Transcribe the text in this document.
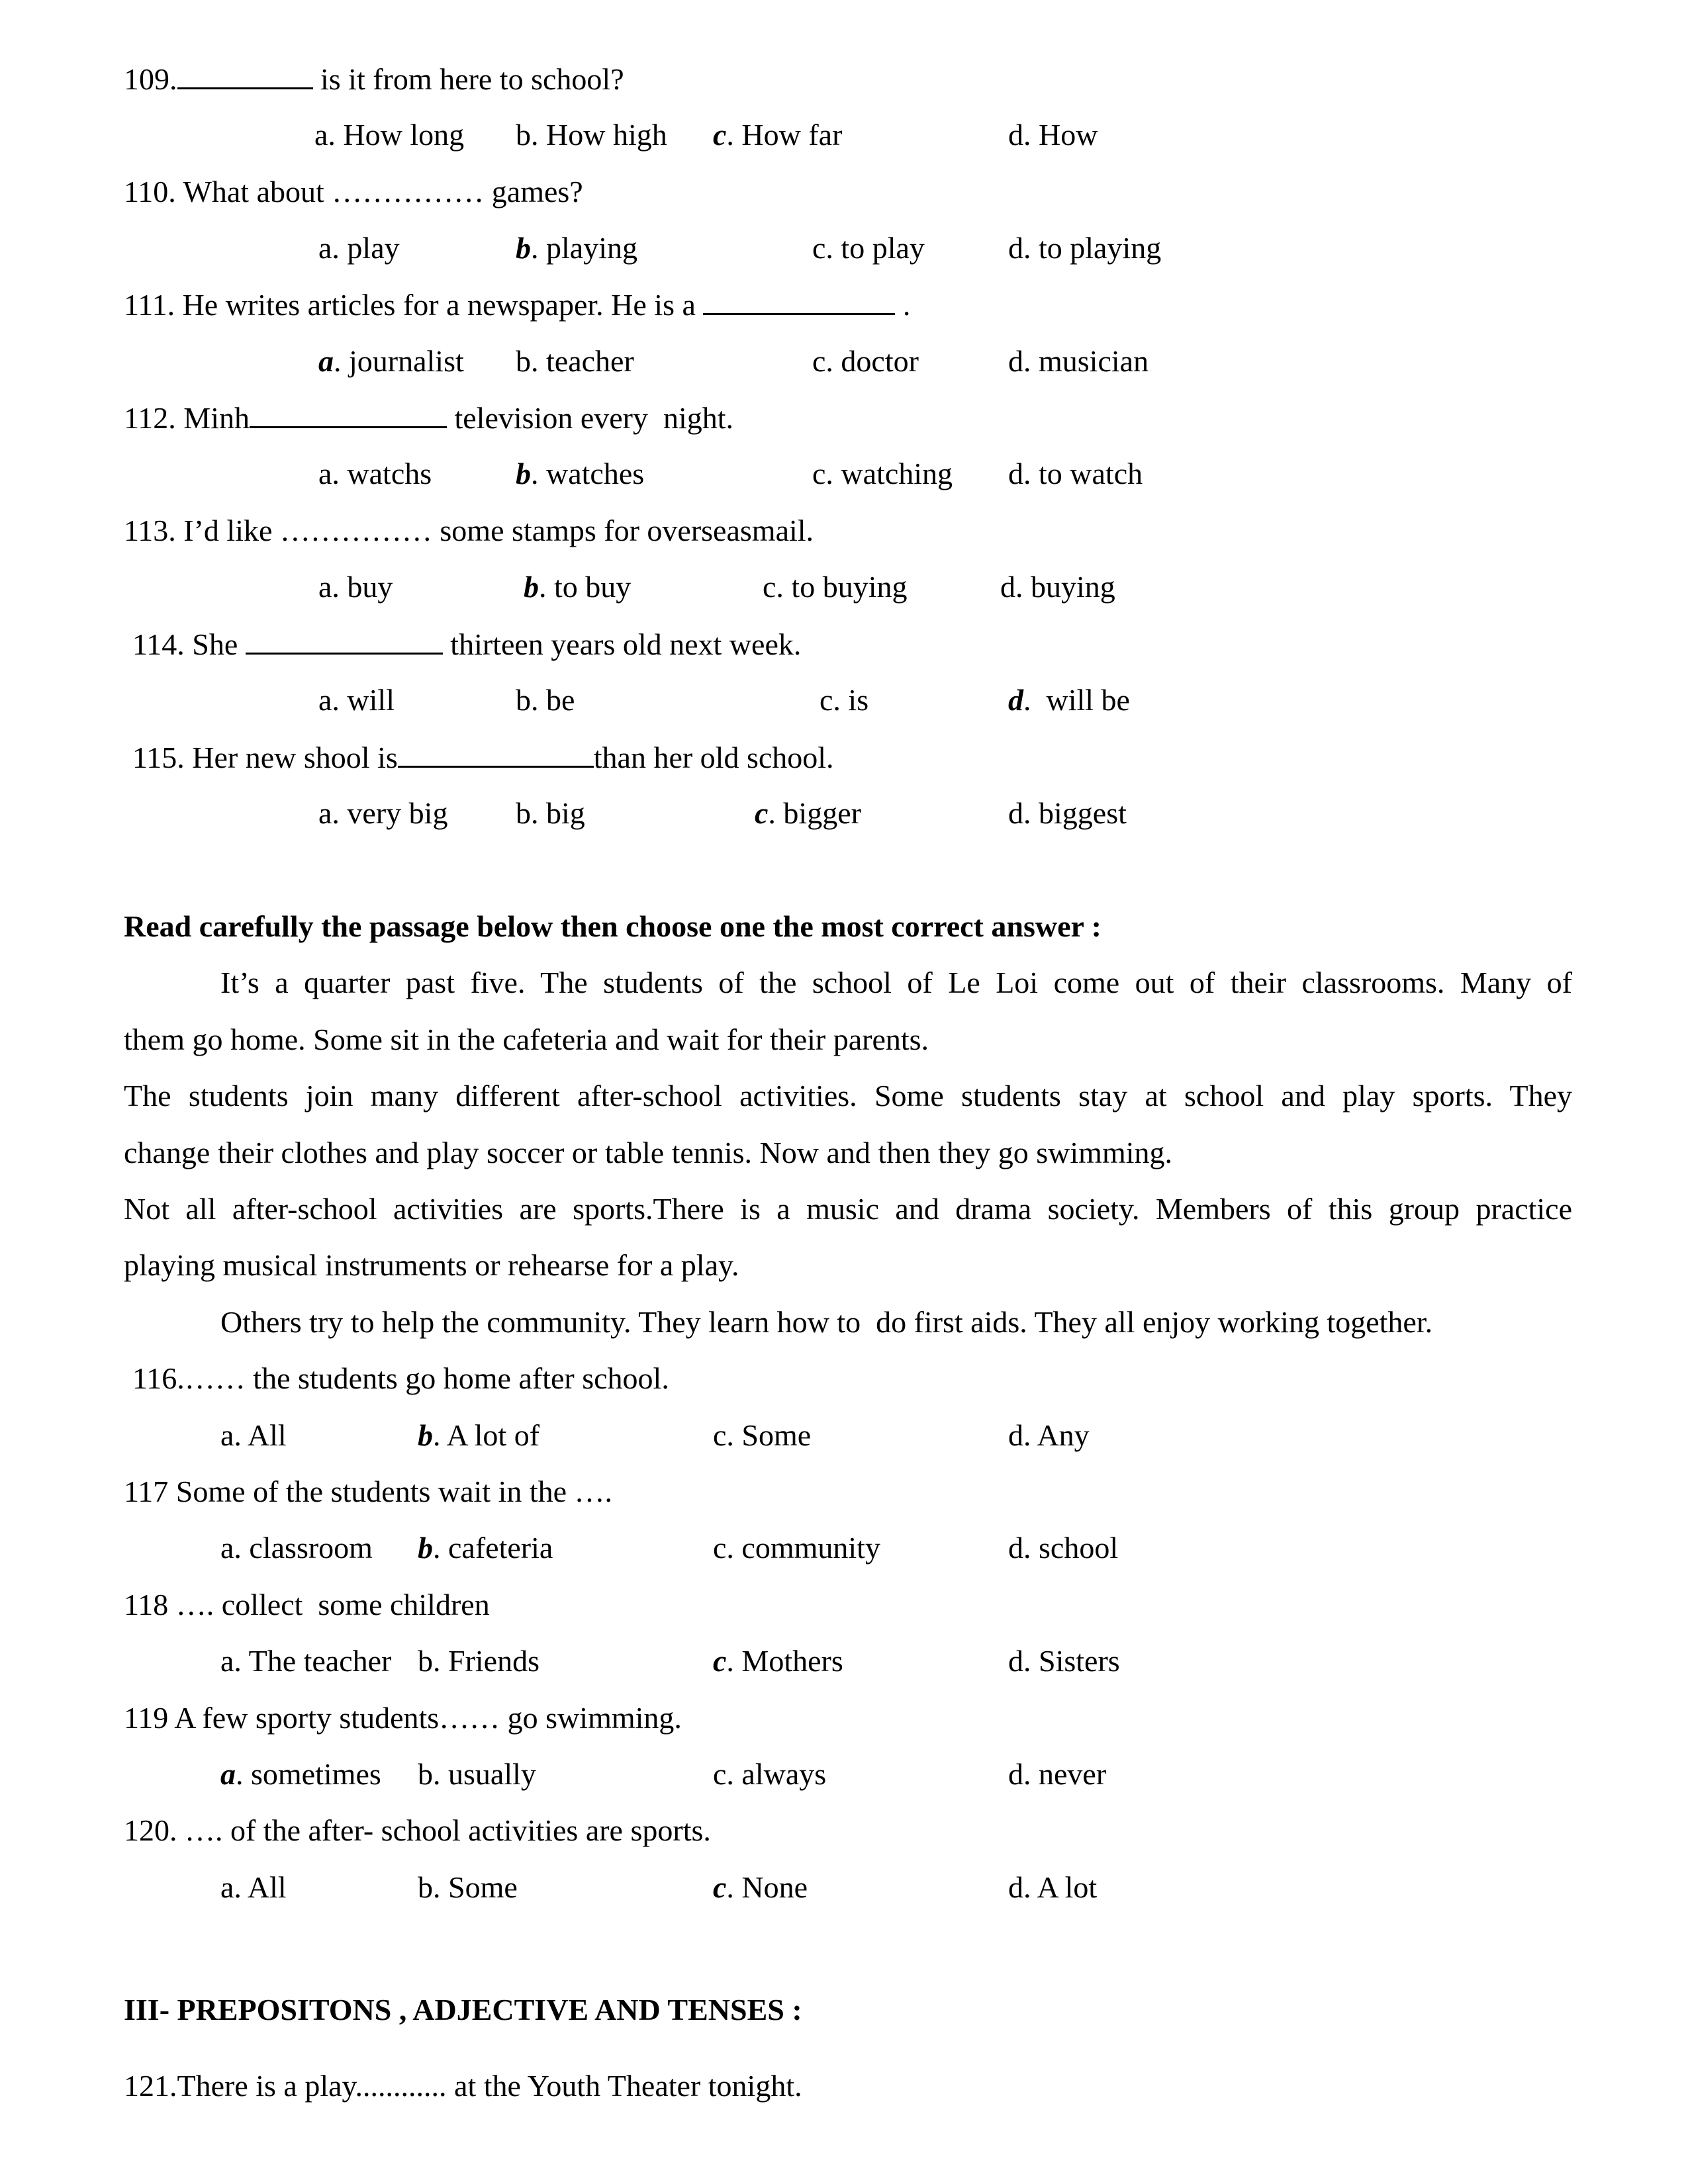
109.	is it from here to school?
a. How long b. How high c. How far	d. How
110. What about …………… games?
a. play	b. playing	c. to play	d. to playing
111. He writes articles for a newspaper. He is a	.
a. journalist b. teacher	c. doctor	d. musician
112. Minh	television every  night.
a. watchs	b. watches	c. watching d. to watch
113. I’d like …………… some stamps for overseasmail.
a. buy	b. to buy	c. to buying	d. buying
114. She	thirteen years old next week.
a. will	b. be	c. is	d.  will be
115. Her new shool is	than her old school.
a. very big b. big	c. bigger	d. biggest
Read carefully the passage below then choose one the most correct answer :
It’s a quarter past five. The students of the school of Le Loi come out of their classrooms. Many of
them go home. Some sit in the cafeteria and wait for their parents.
The students join many different after-school activities. Some students stay at school and play sports. They
change their clothes and play soccer or table tennis. Now and then they go swimming.
Not all after-school activities are sports.There is a music and drama society. Members of this group practice
playing musical instruments or rehearse for a play.
Others try to help the community. They learn how to  do first aids. They all enjoy working together.
116.…… the students go home after school.
a. All	b. A lot of	c. Some	d. Any
117 Some of the students wait in the ….
a. classroom b. cafeteria	c. community	d. school
118 …. collect  some children
a. The teacher b. Friends	c. Mothers	d. Sisters
119 A few sporty students…… go swimming.
a. sometimes b. usually	c. always	d. never
120. …. of the after- school activities are sports.
a. All	b. Some	c. None	d. A lot
III- PREPOSITONS , ADJECTIVE AND TENSES :
121.There is a play............ at the Youth Theater tonight.
